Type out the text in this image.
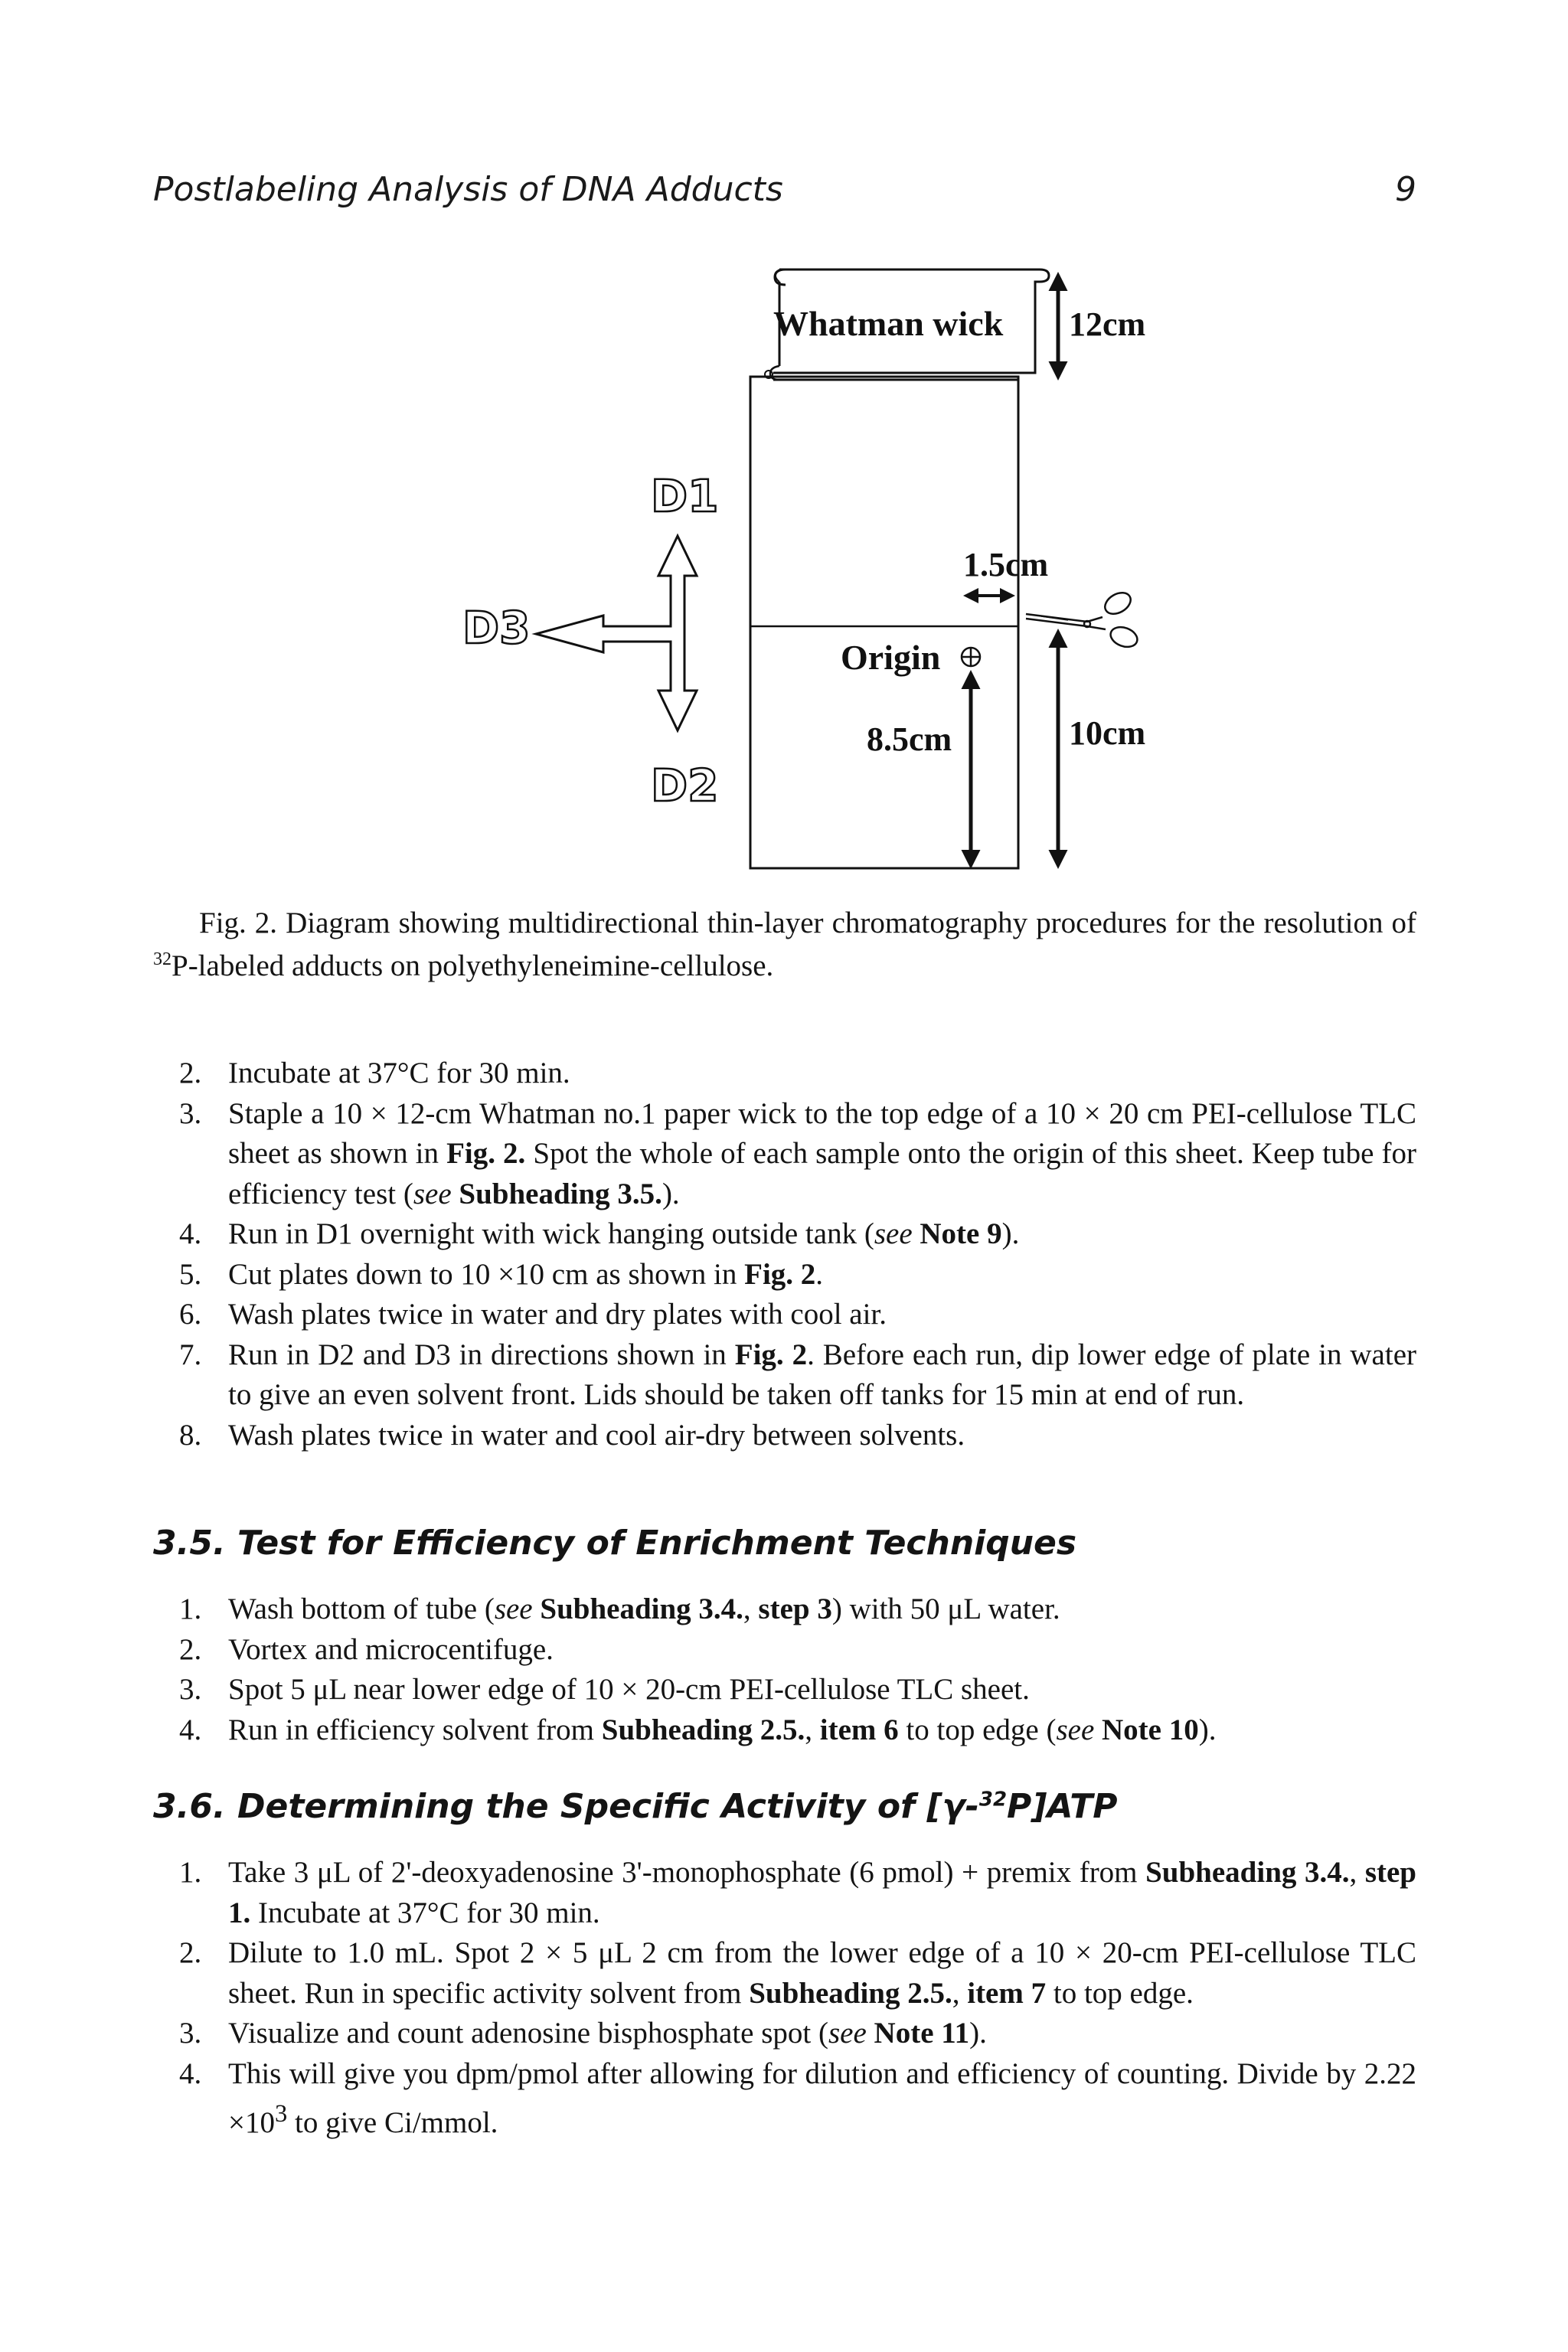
Postlabeling Analysis of DNA Adducts	9
Whatman wick 12cm
D1
D2
D3
1.5cm
Origin
8.5cm	10cm

Fig. 2. Diagram showing multidirectional thin-layer chromatography procedures for the resolution of $^{32}$P-labeled adducts on polyethyleneimine-cellulose.

2. Incubate at 37°C for 30 min.
3. Staple a 10 × 12-cm Whatman no.1 paper wick to the top edge of a 10 × 20 cm PEI-cellulose TLC sheet as shown in Fig. 2. Spot the whole of each sample onto the origin of this sheet. Keep tube for efficiency test (see Subheading 3.5.).
4. Run in D1 overnight with wick hanging outside tank (see Note 9).
5. Cut plates down to 10 ×10 cm as shown in Fig. 2.
6. Wash plates twice in water and dry plates with cool air.
7. Run in D2 and D3 in directions shown in Fig. 2. Before each run, dip lower edge of plate in water to give an even solvent front. Lids should be taken off tanks for 15 min at end of run.
8. Wash plates twice in water and cool air-dry between solvents.
3.5. Test for Efficiency of Enrichment Techniques
1. Wash bottom of tube (see Subheading 3.4., step 3) with 50 μL water.
2. Vortex and microcentifuge.
3. Spot 5 μL near lower edge of 10 × 20-cm PEI-cellulose TLC sheet.
4. Run in efficiency solvent from Subheading 2.5., item 6 to top edge (see Note 10).
3.6. Determining the Specific Activity of [γ-$^{32}$P]ATP
1. Take 3 μL of 2'-deoxyadenosine 3'-monophosphate (6 pmol) + premix from Subheading 3.4., step 1. Incubate at 37°C for 30 min.
2. Dilute to 1.0 mL. Spot 2 × 5 μL 2 cm from the lower edge of a 10 × 20-cm PEI-cellulose TLC sheet. Run in specific activity solvent from Subheading 2.5., item 7 to top edge.
3. Visualize and count adenosine bisphosphate spot (see Note 11).
4. This will give you dpm/pmol after allowing for dilution and efficiency of counting. Divide by $2.22 \times 10^3$ to give Ci/mmol.
